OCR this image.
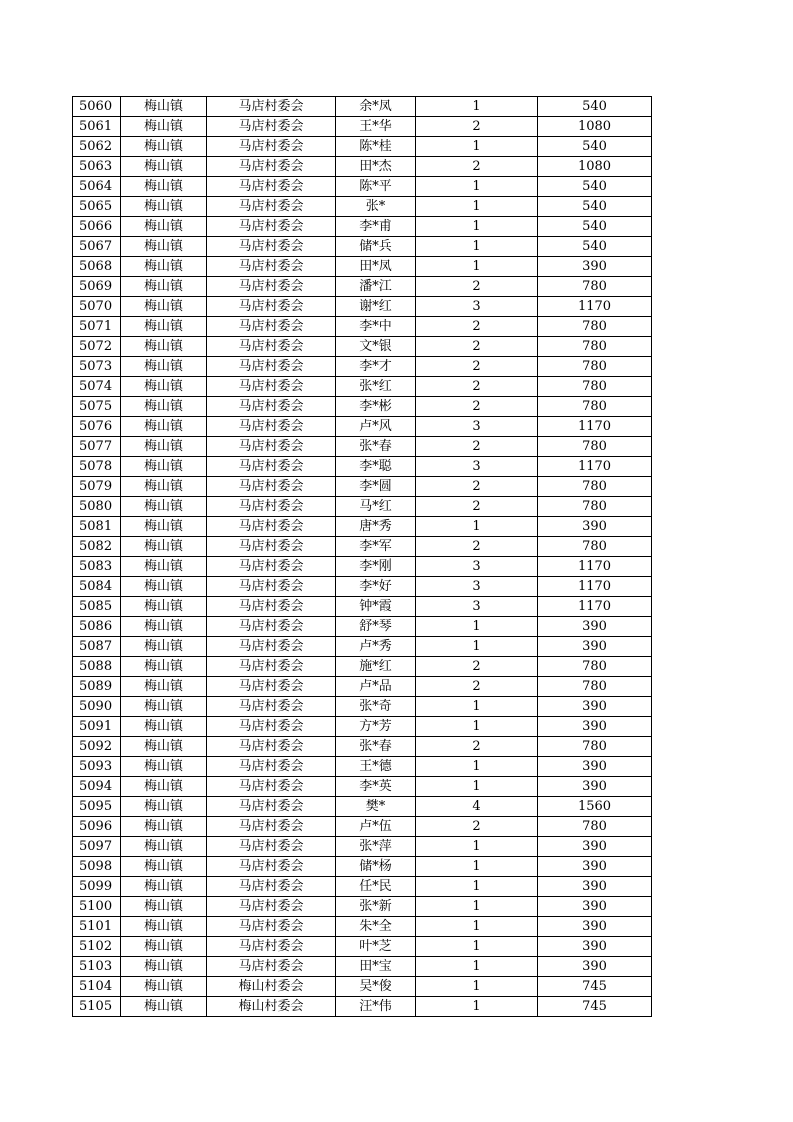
5060	梅山镇	马店村委会	余*凤	1	540
5061	梅山镇	马店村委会	王*华	2	1080
5062	梅山镇	马店村委会	陈*桂	1	540
5063	梅山镇	马店村委会	田*杰	2	1080
5064	梅山镇	马店村委会	陈*平	1	540
5065	梅山镇	马店村委会	张*	1	540
5066	梅山镇	马店村委会	李*甫	1	540
5067	梅山镇	马店村委会	储*兵	1	540
5068	梅山镇	马店村委会	田*凤	1	390
5069	梅山镇	马店村委会	潘*江	2	780
5070	梅山镇	马店村委会	谢*红	3	1170
5071	梅山镇	马店村委会	李*中	2	780
5072	梅山镇	马店村委会	文*银	2	780
5073	梅山镇	马店村委会	李*才	2	780
5074	梅山镇	马店村委会	张*红	2	780
5075	梅山镇	马店村委会	李*彬	2	780
5076	梅山镇	马店村委会	卢*风	3	1170
5077	梅山镇	马店村委会	张*春	2	780
5078	梅山镇	马店村委会	李*聪	3	1170
5079	梅山镇	马店村委会	李*圆	2	780
5080	梅山镇	马店村委会	马*红	2	780
5081	梅山镇	马店村委会	唐*秀	1	390
5082	梅山镇	马店村委会	李*军	2	780
5083	梅山镇	马店村委会	李*刚	3	1170
5084	梅山镇	马店村委会	李*好	3	1170
5085	梅山镇	马店村委会	钟*霞	3	1170
5086	梅山镇	马店村委会	舒*琴	1	390
5087	梅山镇	马店村委会	卢*秀	1	390
5088	梅山镇	马店村委会	施*红	2	780
5089	梅山镇	马店村委会	卢*品	2	780
5090	梅山镇	马店村委会	张*奇	1	390
5091	梅山镇	马店村委会	方*芳	1	390
5092	梅山镇	马店村委会	张*春	2	780
5093	梅山镇	马店村委会	王*德	1	390
5094	梅山镇	马店村委会	李*英	1	390
5095	梅山镇	马店村委会	樊*	4	1560
5096	梅山镇	马店村委会	卢*伍	2	780
5097	梅山镇	马店村委会	张*萍	1	390
5098	梅山镇	马店村委会	储*杨	1	390
5099	梅山镇	马店村委会	任*民	1	390
5100	梅山镇	马店村委会	张*新	1	390
5101	梅山镇	马店村委会	朱*全	1	390
5102	梅山镇	马店村委会	叶*芝	1	390
5103	梅山镇	马店村委会	田*宝	1	390
5104	梅山镇	梅山村委会	吴*俊	1	745
5105	梅山镇	梅山村委会	汪*伟	1	745
